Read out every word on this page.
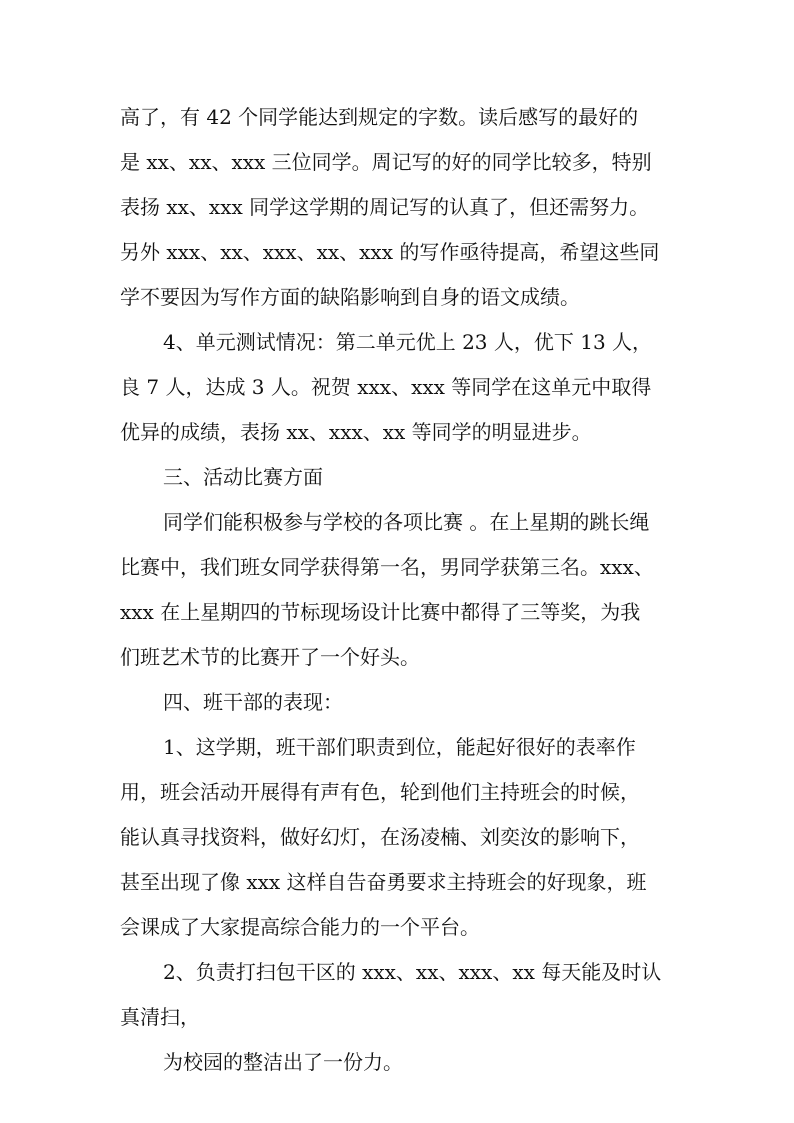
高了，有 42 个同学能达到规定的字数。读后感写的最好的
是 xx、xx、xxx 三位同学。周记写的好的同学比较多，特别
表扬 xx、xxx 同学这学期的周记写的认真了，但还需努力。
另外 xxx、xx、xxx、xx、xxx 的写作亟待提高，希望这些同
学不要因为写作方面的缺陷影响到自身的语文成绩。
4、单元测试情况：第二单元优上 23 人，优下 13 人，
良 7 人，达成 3 人。祝贺 xxx、xxx 等同学在这单元中取得
优异的成绩，表扬 xx、xxx、xx 等同学的明显进步。
三、活动比赛方面
同学们能积极参与学校的各项比赛 。在上星期的跳长绳
比赛中，我们班女同学获得第一名，男同学获第三名。xxx、
xxx 在上星期四的节标现场设计比赛中都得了三等奖，为我
们班艺术节的比赛开了一个好头。
四、班干部的表现：
1、这学期，班干部们职责到位，能起好很好的表率作
用，班会活动开展得有声有色，轮到他们主持班会的时候，
能认真寻找资料，做好幻灯，在汤凌楠、刘奕汝的影响下，
甚至出现了像 xxx 这样自告奋勇要求主持班会的好现象，班
会课成了大家提高综合能力的一个平台。
2、负责打扫包干区的 xxx、xx、xxx、xx 每天能及时认
真清扫，
为校园的整洁出了一份力。
